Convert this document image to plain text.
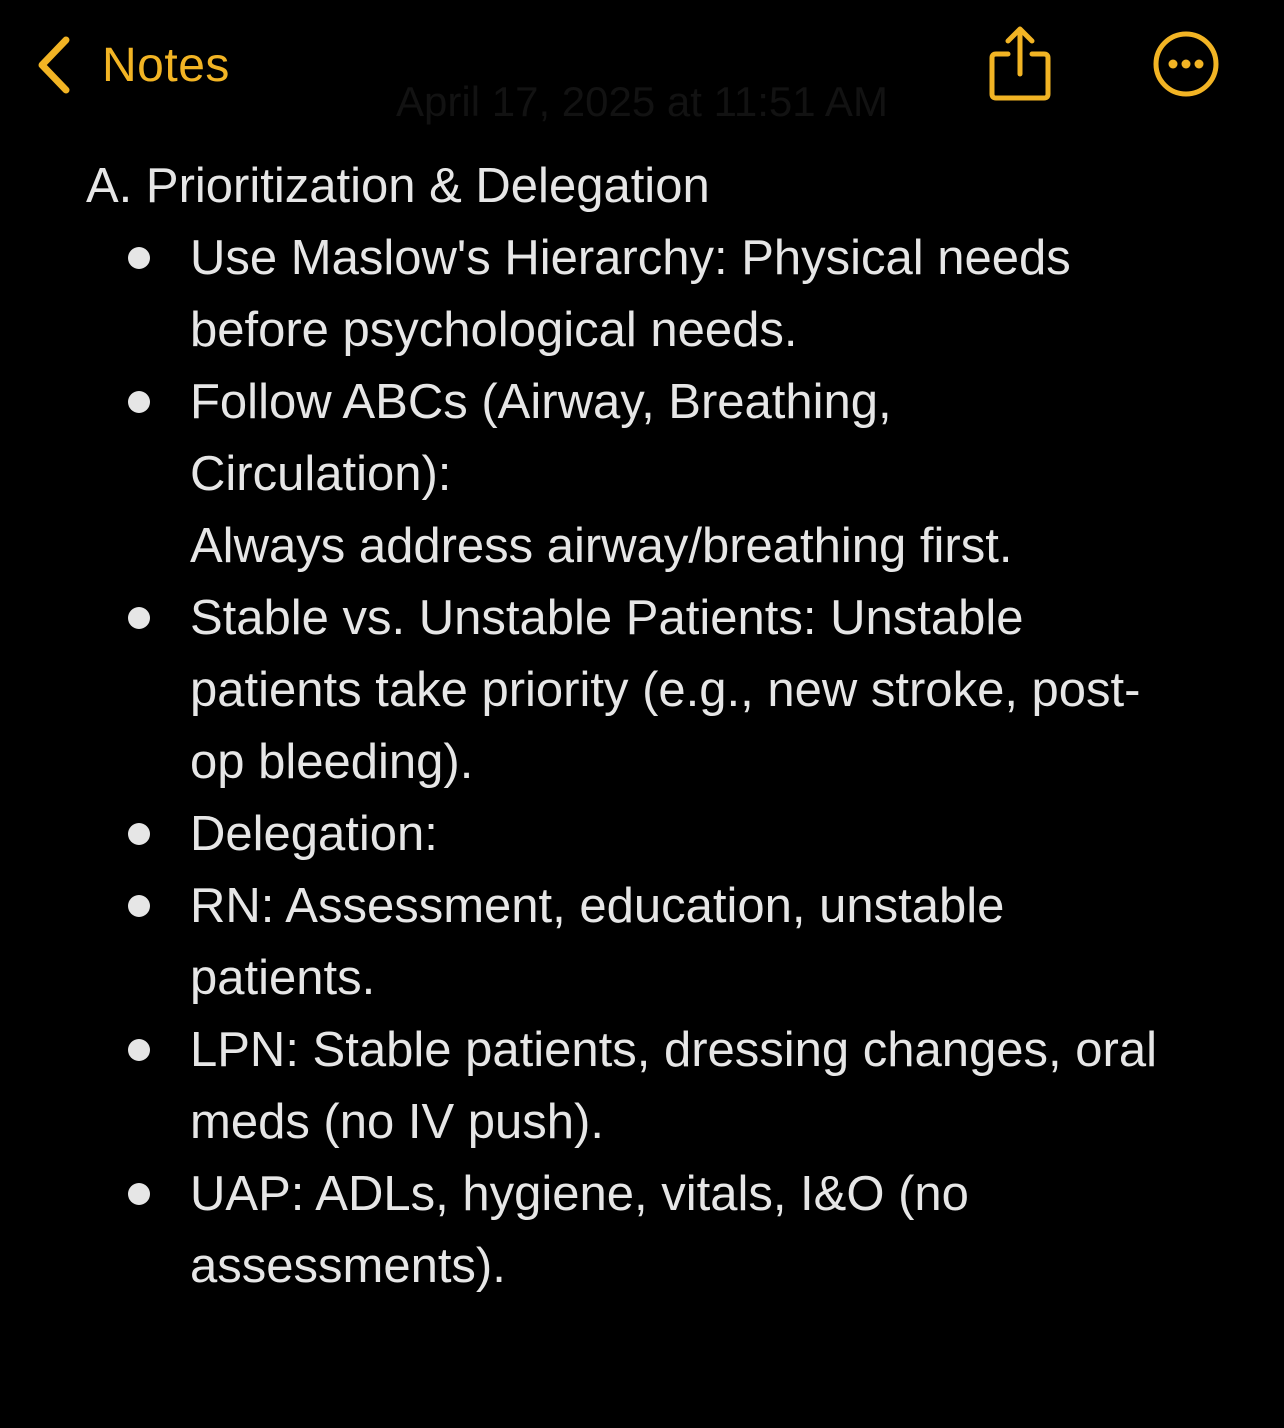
April 17, 2025 at 11:51 AM
Notes
A. Prioritization & Delegation
Use Maslow's Hierarchy: Physical needs before psychological needs.
Follow ABCs (Airway, Breathing, Circulation):
Always address airway/breathing first.
Stable vs. Unstable Patients: Unstable patients take priority (e.g., new stroke, post-op bleeding).
Delegation:
RN: Assessment, education, unstable patients.
LPN: Stable patients, dressing changes, oral meds (no IV push).
UAP: ADLs, hygiene, vitals, I&O (no assessments).
